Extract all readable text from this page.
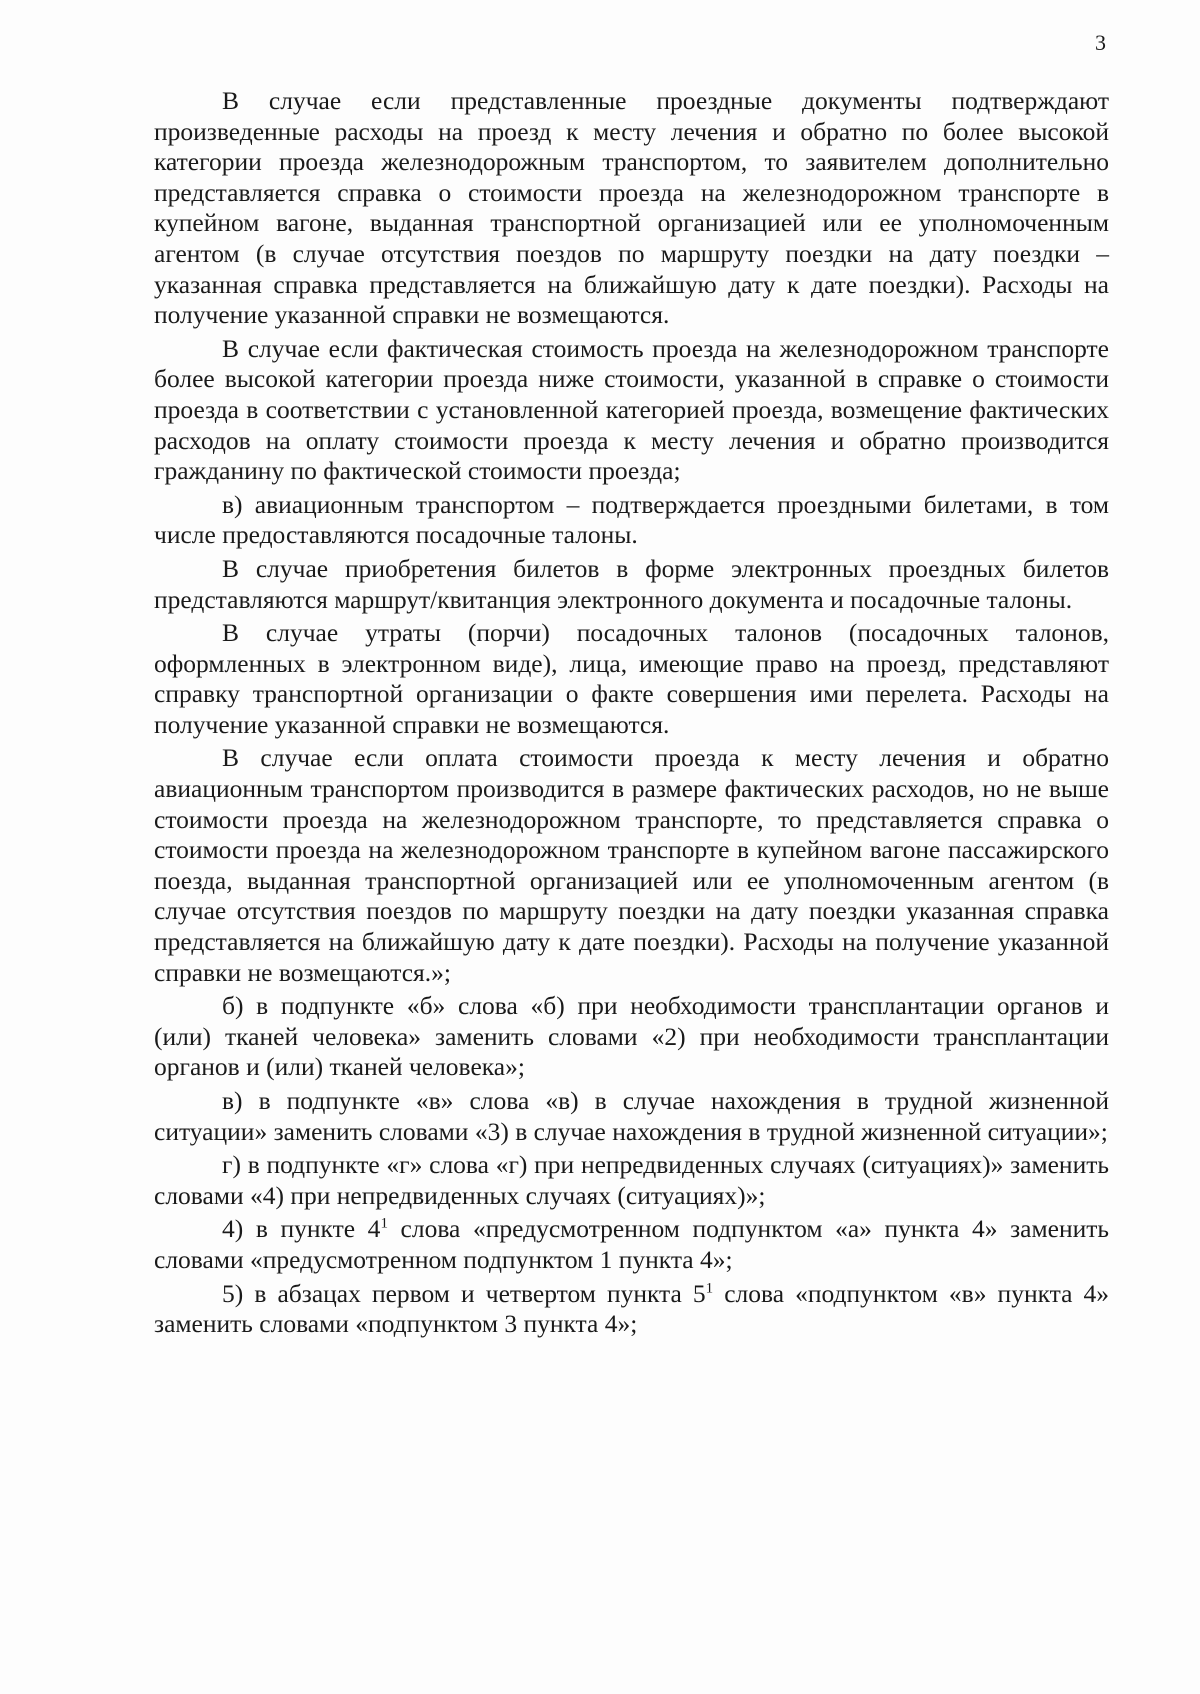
3

В случае если представленные проездные документы подтверждают произведенные расходы на проезд к месту лечения и обратно по более высокой категории проезда железнодорожным транспортом, то заявителем дополнительно представляется справка о стоимости проезда на железнодорожном транспорте в купейном вагоне, выданная транспортной организацией или ее уполномоченным агентом (в случае отсутствия поездов по маршруту поездки на дату поездки – указанная справка представляется на ближайшую дату к дате поездки). Расходы на получение указанной справки не возмещаются.

В случае если фактическая стоимость проезда на железнодорожном транспорте более высокой категории проезда ниже стоимости, указанной в справке о стоимости проезда в соответствии с установленной категорией проезда, возмещение фактических расходов на оплату стоимости проезда к месту лечения и обратно производится гражданину по фактической стоимости проезда;

в) авиационным транспортом – подтверждается проездными билетами, в том числе предоставляются посадочные талоны.

В случае приобретения билетов в форме электронных проездных билетов представляются маршрут/квитанция электронного документа и посадочные талоны.

В случае утраты (порчи) посадочных талонов (посадочных талонов, оформленных в электронном виде), лица, имеющие право на проезд, представляют справку транспортной организации о факте совершения ими перелета. Расходы на получение указанной справки не возмещаются.

В случае если оплата стоимости проезда к месту лечения и обратно авиационным транспортом производится в размере фактических расходов, но не выше стоимости проезда на железнодорожном транспорте, то представляется справка о стоимости проезда на железнодорожном транспорте в купейном вагоне пассажирского поезда, выданная транспортной организацией или ее уполномоченным агентом (в случае отсутствия поездов по маршруту поездки на дату поездки указанная справка представляется на ближайшую дату к дате поездки). Расходы на получение указанной справки не возмещаются.»;

б) в подпункте «б» слова «б) при необходимости трансплантации органов и (или) тканей человека» заменить словами «2) при необходимости трансплантации органов и (или) тканей человека»;

в) в подпункте «в» слова «в) в случае нахождения в трудной жизненной ситуации» заменить словами «3) в случае нахождения в трудной жизненной ситуации»;

г) в подпункте «г» слова «г) при непредвиденных случаях (ситуациях)» заменить словами «4) при непредвиденных случаях (ситуациях)»;

4) в пункте $4^1$ слова «предусмотренном подпунктом «а» пункта 4» заменить словами «предусмотренном подпунктом 1 пункта 4»;

5) в абзацах первом и четвертом пункта $5^1$ слова «подпунктом «в» пункта 4» заменить словами «подпунктом 3 пункта 4»;
